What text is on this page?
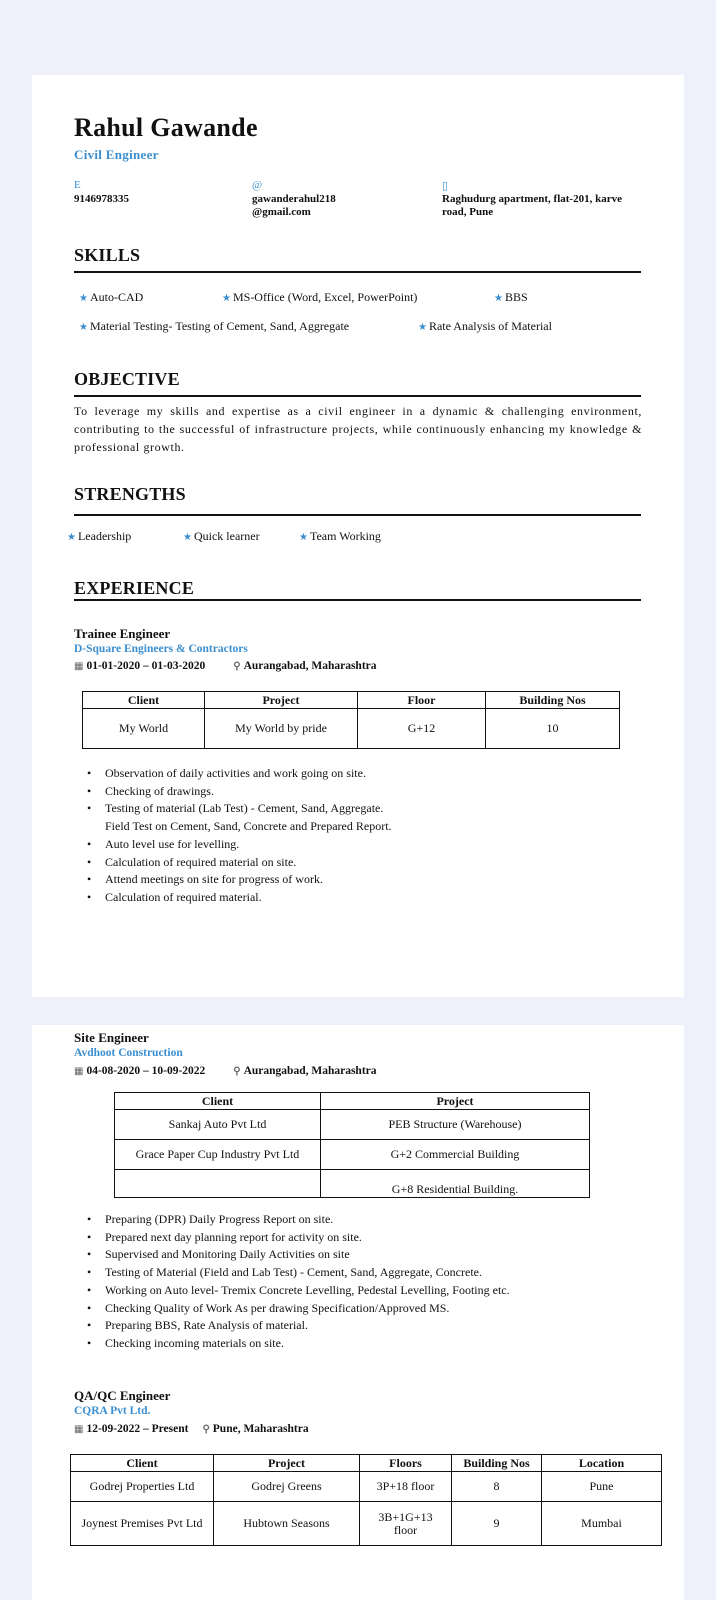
Rahul Gawande
Civil Engineer
E
9146978335
@
gawanderahul218
@gmail.com
▯
Raghudurg apartment, flat-201, karve road, Pune
SKILLS
★ Auto-CAD	★ MS-Office (Word, Excel, PowerPoint)	★ BBS
★ Material Testing- Testing of Cement, Sand, Aggregate	★ Rate Analysis of Material
OBJECTIVE
To leverage my skills and expertise as a civil engineer in a dynamic & challenging environment, contributing to the successful of infrastructure projects, while continuously enhancing my knowledge & professional growth.
STRENGTHS
★ Leadership	★ Quick learner	★ Team Working
EXPERIENCE
Trainee Engineer
D-Square Engineers & Contractors
▦ 01-01-2020 – 01-03-2020	⚲ Aurangabad, Maharashtra
Client	Project	Floor	Building Nos
My World	My World by pride	G+12	10
• Observation of daily activities and work going on site.
• Checking of drawings.
• Testing of material (Lab Test) - Cement, Sand, Aggregate.
Field Test on Cement, Sand, Concrete and Prepared Report.
• Auto level use for levelling.
• Calculation of required material on site.
• Attend meetings on site for progress of work.
• Calculation of required material.
Site Engineer
Avdhoot Construction
▦ 04-08-2020 – 10-09-2022	⚲ Aurangabad, Maharashtra
Client	Project
Sankaj Auto Pvt Ltd	PEB Structure (Warehouse)
Grace Paper Cup Industry Pvt Ltd	G+2 Commercial Building
	G+8 Residential Building.
• Preparing (DPR) Daily Progress Report on site.
• Prepared next day planning report for activity on site.
• Supervised and Monitoring Daily Activities on site
• Testing of Material (Field and Lab Test) - Cement, Sand, Aggregate, Concrete.
• Working on Auto level- Tremix Concrete Levelling, Pedestal Levelling, Footing etc.
• Checking Quality of Work As per drawing Specification/Approved MS.
• Preparing BBS, Rate Analysis of material.
• Checking incoming materials on site.
QA/QC Engineer
CQRA Pvt Ltd.
▦ 12-09-2022 – Present ⚲ Pune, Maharashtra
Client	Project	Floors	Building Nos	Location
Godrej Properties Ltd	Godrej Greens	3P+18 floor	8	Pune
Joynest Premises Pvt Ltd	Hubtown Seasons	3B+1G+13 floor	9	Mumbai
